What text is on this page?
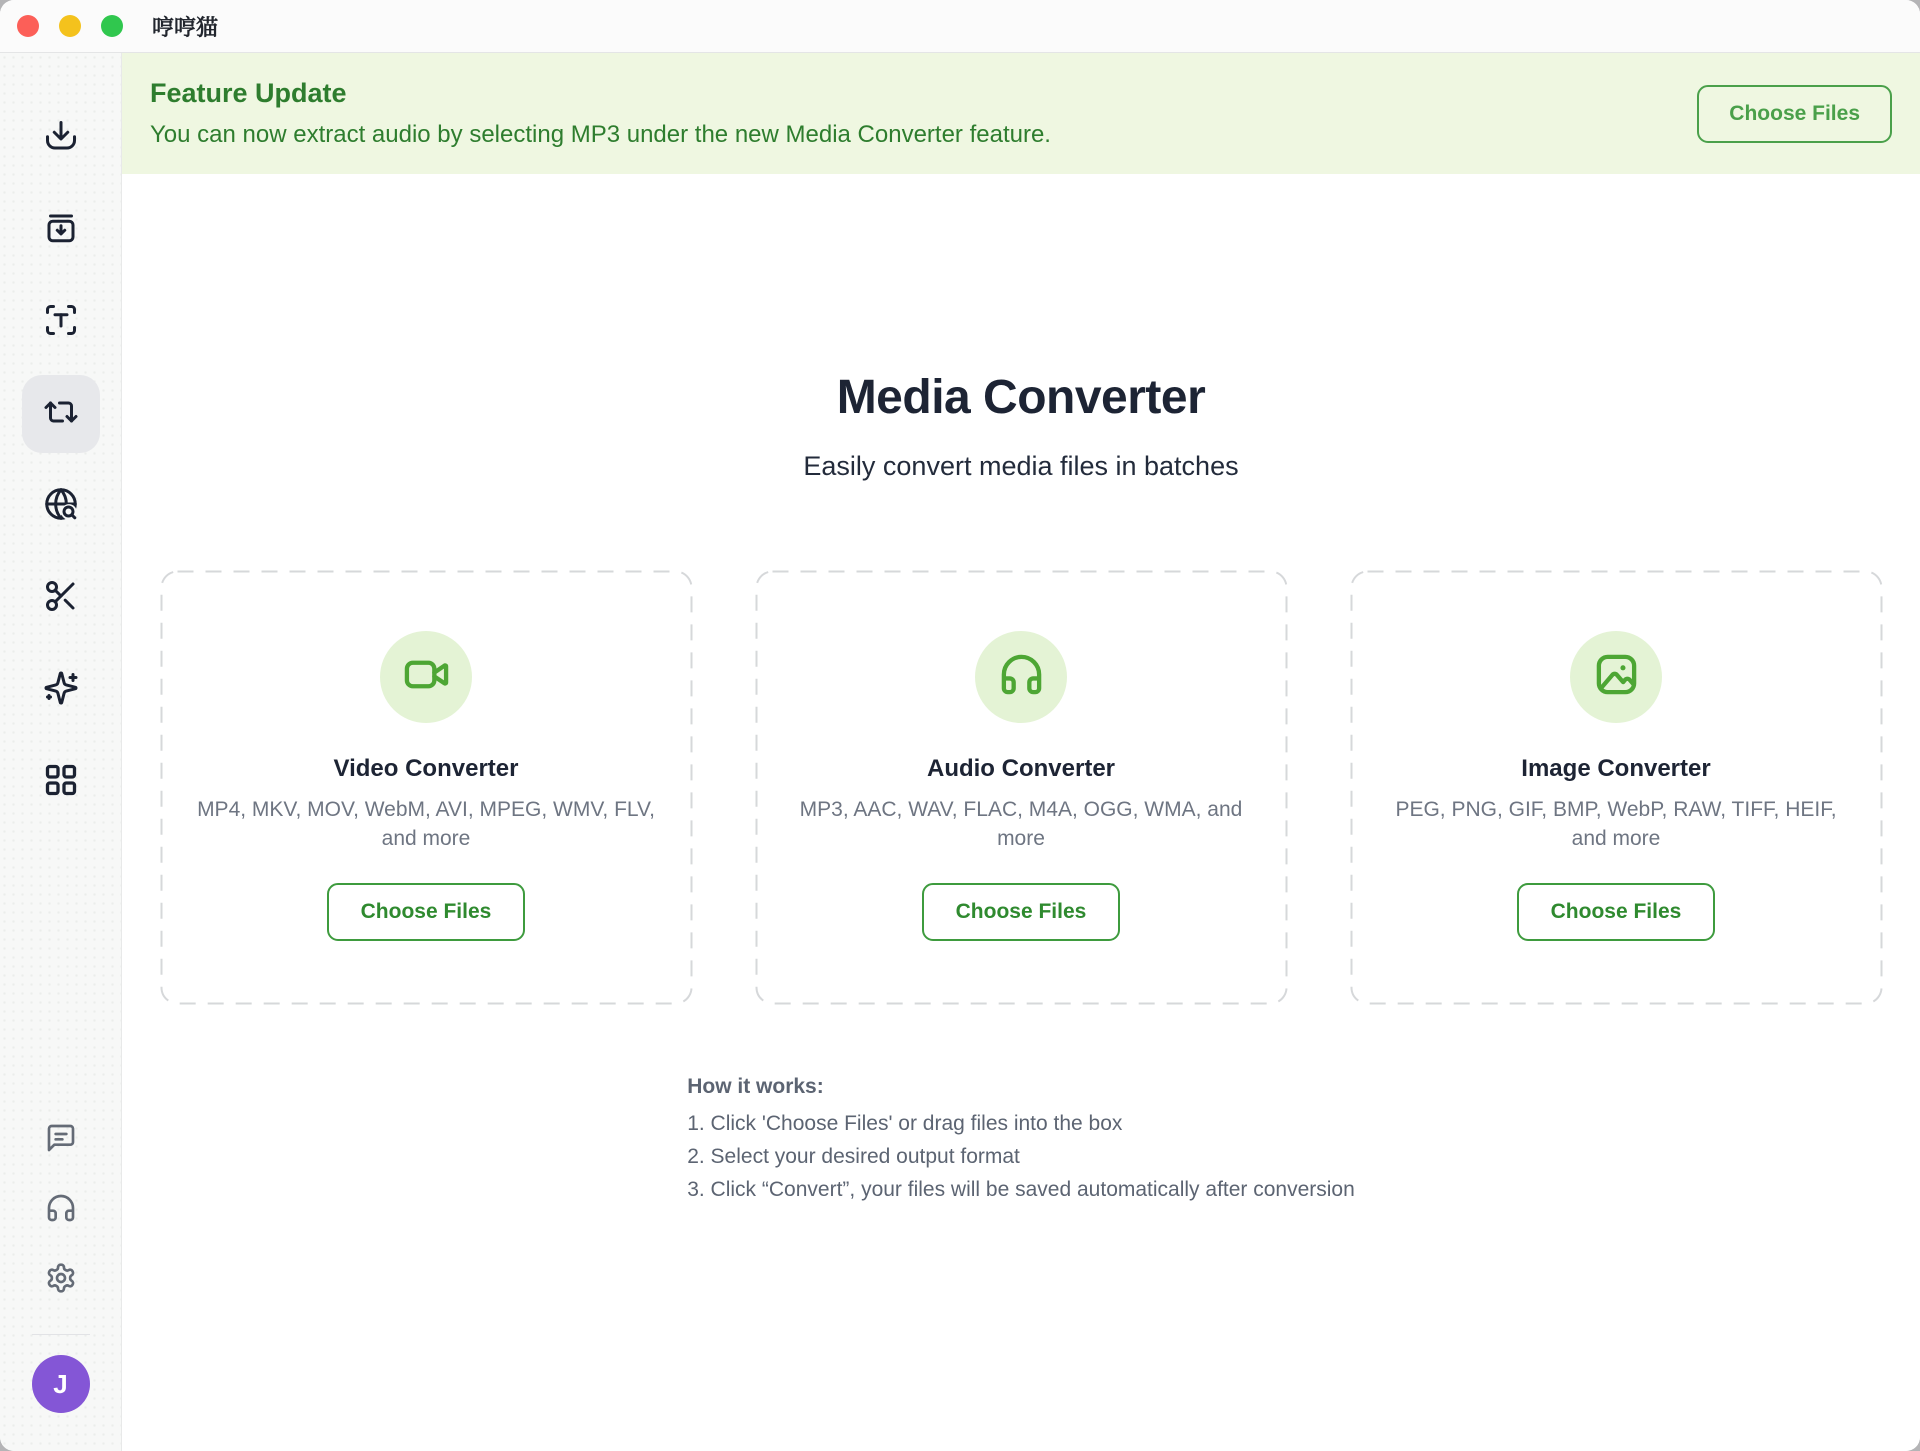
哼哼猫
J

Feature Update

You can now extract audio by selecting MP3 under the new Media Converter feature.

Choose Files
Media Converter

Easily convert media files in batches

Video Converter

MP4, MKV, MOV, WebM, AVI, MPEG, WMV, FLV, and more

Choose Files
Audio Converter

MP3, AAC, WAV, FLAC, M4A, OGG, WMA, and more

Choose Files
Image Converter

PEG, PNG, GIF, BMP, WebP, RAW, TIFF, HEIF, and more

Choose Files

How it works:

1. Click 'Choose Files' or drag files into the box
2. Select your desired output format
3. Click “Convert”, your files will be saved automatically after conversion
